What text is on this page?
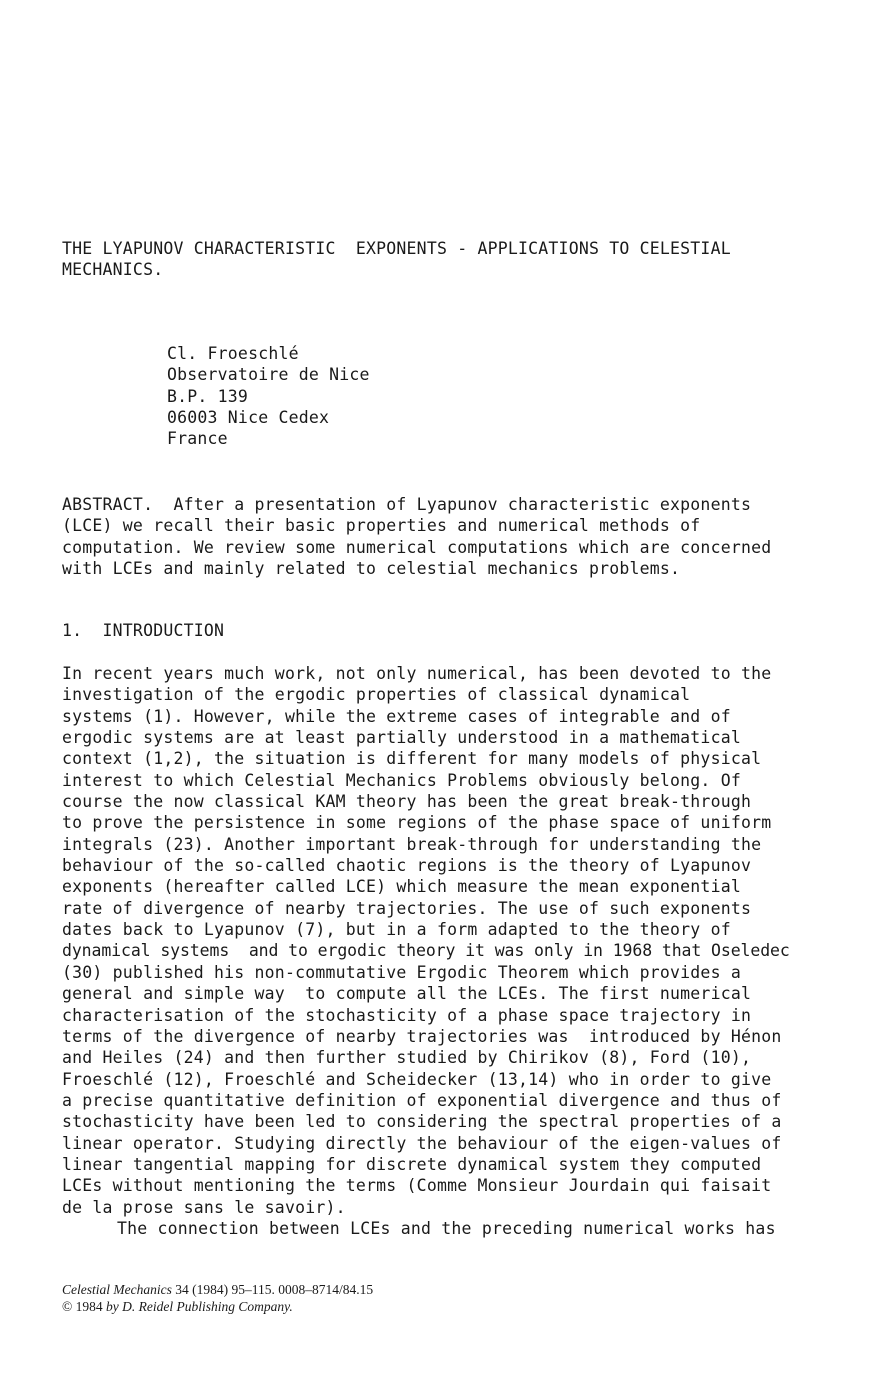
THE LYAPUNOV CHARACTERISTIC  EXPONENTS - APPLICATIONS TO CELESTIAL
MECHANICS.
Cl. Froeschlé
Observatoire de Nice
B.P. 139
06003 Nice Cedex
France
ABSTRACT.  After a presentation of Lyapunov characteristic exponents
(LCE) we recall their basic properties and numerical methods of
computation. We review some numerical computations which are concerned
with LCEs and mainly related to celestial mechanics problems.
1.  INTRODUCTION
In recent years much work, not only numerical, has been devoted to the
investigation of the ergodic properties of classical dynamical
systems (1). However, while the extreme cases of integrable and of
ergodic systems are at least partially understood in a mathematical
context (1,2), the situation is different for many models of physical
interest to which Celestial Mechanics Problems obviously belong. Of
course the now classical KAM theory has been the great break-through
to prove the persistence in some regions of the phase space of uniform
integrals (23). Another important break-through for understanding the
behaviour of the so-called chaotic regions is the theory of Lyapunov
exponents (hereafter called LCE) which measure the mean exponential
rate of divergence of nearby trajectories. The use of such exponents
dates back to Lyapunov (7), but in a form adapted to the theory of
dynamical systems  and to ergodic theory it was only in 1968 that Oseledec
(30) published his non-commutative Ergodic Theorem which provides a
general and simple way  to compute all the LCEs. The first numerical
characterisation of the stochasticity of a phase space trajectory in
terms of the divergence of nearby trajectories was  introduced by Hénon
and Heiles (24) and then further studied by Chirikov (8), Ford (10),
Froeschlé (12), Froeschlé and Scheidecker (13,14) who in order to give
a precise quantitative definition of exponential divergence and thus of
stochasticity have been led to considering the spectral properties of a
linear operator. Studying directly the behaviour of the eigen-values of
linear tangential mapping for discrete dynamical system they computed
LCEs without mentioning the terms (Comme Monsieur Jourdain qui faisait
de la prose sans le savoir).
The connection between LCEs and the preceding numerical works has
Celestial Mechanics 34 (1984) 95–115. 0008–8714/84.15
© 1984 by D. Reidel Publishing Company.
